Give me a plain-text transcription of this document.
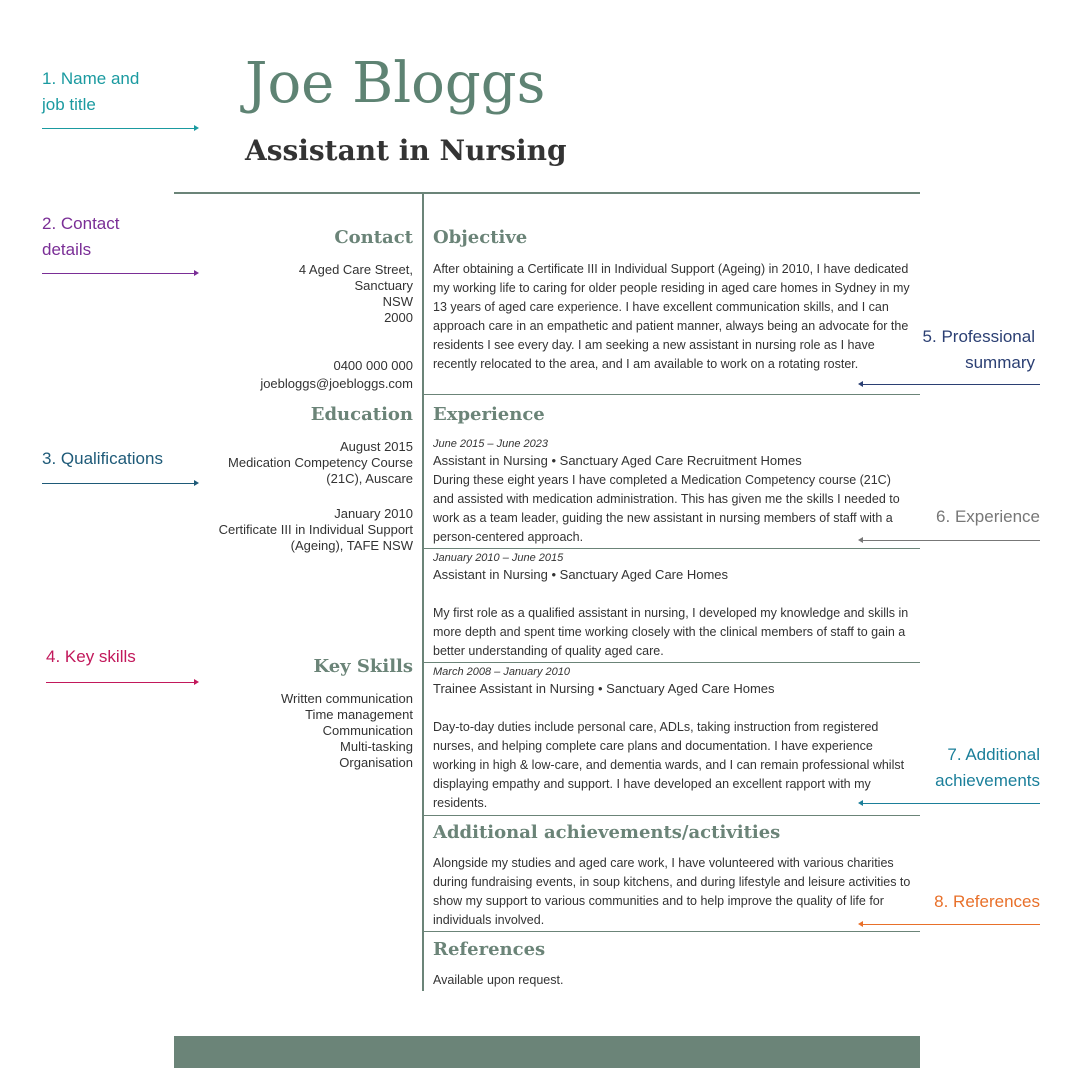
Joe Bloggs
Assistant in Nursing
Contact
4 Aged Care Street,
Sanctuary
NSW
2000
0400 000 000
joebloggs@joebloggs.com
Education
August 2015
Medication Competency Course
(21C), Auscare
January 2010
Certificate III in Individual Support
(Ageing), TAFE NSW
Key Skills
Written communication
Time management
Communication
Multi-tasking
Organisation
Objective
After obtaining a Certificate III in Individual Support (Ageing) in 2010, I have dedicated my working life to caring for older people residing in aged care homes in Sydney in my 13 years of aged care experience. I have excellent communication skills, and I can approach care in an empathetic and patient manner, always being an advocate for the residents I see every day. I am seeking a new assistant in nursing role as I have recently relocated to the area, and I am available to work on a rotating roster.
Experience
June 2015 – June 2023
Assistant in Nursing • Sanctuary Aged Care Recruitment Homes
During these eight years I have completed a Medication Competency course (21C) and assisted with medication administration. This has given me the skills I needed to work as a team leader, guiding the new assistant in nursing members of staff with a person-centered approach.
January 2010 – June 2015
Assistant in Nursing • Sanctuary Aged Care Homes
My first role as a qualified assistant in nursing, I developed my knowledge and skills in more depth and spent time working closely with the clinical members of staff to gain a better understanding of quality aged care.
March 2008 – January 2010
Trainee Assistant in Nursing • Sanctuary Aged Care Homes
Day-to-day duties include personal care, ADLs, taking instruction from registered nurses, and helping complete care plans and documentation. I have experience working in high & low-care, and dementia wards, and I can remain professional whilst displaying empathy and support. I have developed an excellent rapport with my residents.
Additional achievements/activities
Alongside my studies and aged care work, I have volunteered with various charities during fundraising events, in soup kitchens, and during lifestyle and leisure activities to show my support to various communities and to help improve the quality of life for individuals involved.
References
Available upon request.
1. Name and
job title
2. Contact
details
3. Qualifications
4. Key skills
5. Professional
summary
6. Experience
7. Additional
achievements
8. References
